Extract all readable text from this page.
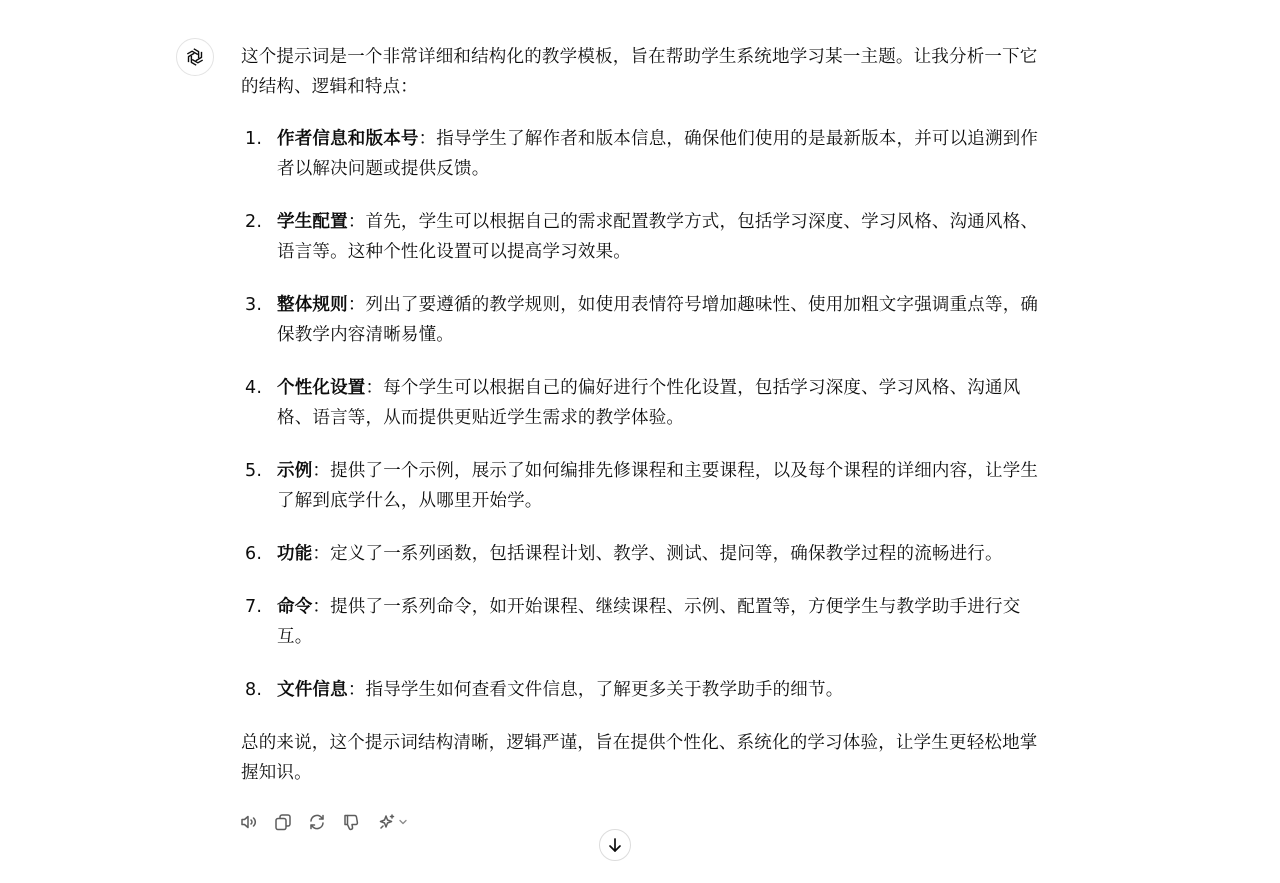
这个提示词是一个非常详细和结构化的教学模板，旨在帮助学生系统地学习某一主题。让我分析一下它的结构、逻辑和特点：

1. 作者信息和版本号：指导学生了解作者和版本信息，确保他们使用的是最新版本，并可以追溯到作者以解决问题或提供反馈。
2. 学生配置：首先，学生可以根据自己的需求配置教学方式，包括学习深度、学习风格、沟通风格、语言等。这种个性化设置可以提高学习效果。
3. 整体规则：列出了要遵循的教学规则，如使用表情符号增加趣味性、使用加粗文字强调重点等，确保教学内容清晰易懂。
4. 个性化设置：每个学生可以根据自己的偏好进行个性化设置，包括学习深度、学习风格、沟通风格、语言等，从而提供更贴近学生需求的教学体验。
5. 示例：提供了一个示例，展示了如何编排先修课程和主要课程，以及每个课程的详细内容，让学生了解到底学什么，从哪里开始学。
6. 功能：定义了一系列函数，包括课程计划、教学、测试、提问等，确保教学过程的流畅进行。
7. 命令：提供了一系列命令，如开始课程、继续课程、示例、配置等，方便学生与教学助手进行交互。
8. 文件信息：指导学生如何查看文件信息，了解更多关于教学助手的细节。

总的来说，这个提示词结构清晰，逻辑严谨，旨在提供个性化、系统化的学习体验，让学生更轻松地掌握知识。
